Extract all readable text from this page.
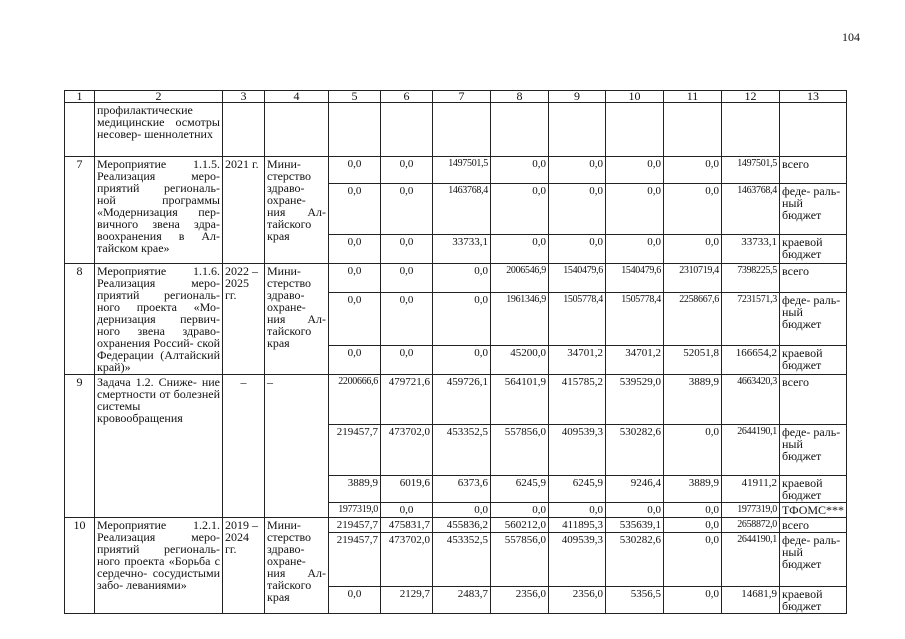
104
1	2	3	4	5	6	7	8	9	10	11	12	13
	профилактические медицинские осмотры несовер- шеннолетних											
7	Мероприятие 1.1.5. Реализация меро- приятий региональ- ной программы «Модернизация пер- вичного звена здра- воохранения в Ал- тайском крае»	2021 г.	Мини- стерство здраво- охране- ния Ал- тайского края	0,0	0,0	1497501,5	0,0	0,0	0,0	0,0	1497501,5	всего
				0,0	0,0	1463768,4	0,0	0,0	0,0	0,0	1463768,4	феде- раль- ный бюджет
				0,0	0,0	33733,1	0,0	0,0	0,0	0,0	33733,1	краевой бюджет
8	Мероприятие 1.1.6. Реализация меро- приятий региональ- ного проекта «Мо- дернизация первич- ного звена здраво- охранения Россий- ской Федерации (Алтайский край)»	2022 – 2025 гг.	Мини- стерство здраво- охране- ния Ал- тайского края	0,0	0,0	0,0	2006546,9	1540479,6	1540479,6	2310719,4	7398225,5	всего
				0,0	0,0	0,0	1961346,9	1505778,4	1505778,4	2258667,6	7231571,3	феде- раль- ный бюджет
				0,0	0,0	0,0	45200,0	34701,2	34701,2	52051,8	166654,2	краевой бюджет
9	Задача 1.2. Сниже- ние смертности от болезней системы кровообращения	–	–	2200666,6	479721,6	459726,1	564101,9	415785,2	539529,0	3889,9	4663420,3	всего
				219457,7	473702,0	453352,5	557856,0	409539,3	530282,6	0,0	2644190,1	феде- раль- ный бюджет
				3889,9	6019,6	6373,6	6245,9	6245,9	9246,4	3889,9	41911,2	краевой бюджет
				1977319,0	0,0	0,0	0,0	0,0	0,0	0,0	1977319,0	ТФОМС***
10	Мероприятие 1.2.1. Реализация меро- приятий региональ- ного проекта «Борьба с сердечно- сосудистыми забо- леваниями»	2019 – 2024 гг.	Мини- стерство здраво- охране- ния Ал- тайского края	219457,7	475831,7	455836,2	560212,0	411895,3	535639,1	0,0	2658872,0	всего
				219457,7	473702,0	453352,5	557856,0	409539,3	530282,6	0,0	2644190,1	феде- раль- ный бюджет
				0,0	2129,7	2483,7	2356,0	2356,0	5356,5	0,0	14681,9	краевой бюджет
